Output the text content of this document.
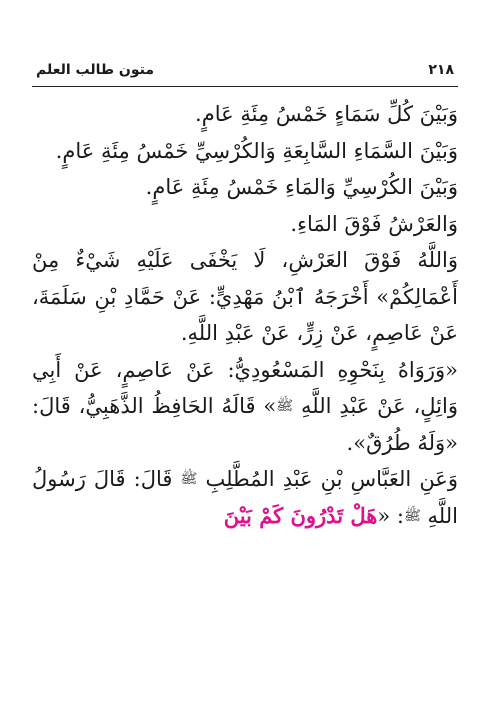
٢١٨
متون طالب العلم

وَبَيْنَ كُلِّ سَمَاءٍ خَمْسُ مِئَةِ عَامٍ.

وَبَيْنَ السَّمَاءِ السَّابِعَةِ وَالكُرْسِيِّ خَمْسُ مِئَةِ عَامٍ.

وَبَيْنَ الكُرْسِيِّ وَالمَاءِ خَمْسُ مِئَةِ عَامٍ.

وَالعَرْشُ فَوْقَ المَاءِ.

وَاللَّهُ فَوْقَ العَرْشِ، لَا يَخْفَى عَلَيْهِ شَيْءٌ مِنْ أَعْمَالِكُمْ» أَخْرَجَهُ ٱبْنُ مَهْدِيٍّ: عَنْ حَمَّادِ بْنِ سَلَمَةَ، عَنْ عَاصِمٍ، عَنْ زِرٍّ، عَنْ عَبْدِ اللَّهِ.

«وَرَوَاهُ بِنَحْوِهِ المَسْعُودِيُّ: عَنْ عَاصِمٍ، عَنْ أَبِي وَائِلٍ، عَنْ عَبْدِ اللَّهِ ﷺ» قَالَهُ الحَافِظُ الذَّهَبِيُّ، قَالَ: «وَلَهُ طُرُقٌ».

وَعَنِ العَبَّاسِ بْنِ عَبْدِ المُطَّلِبِ ﷺ قَالَ: قَالَ رَسُولُ اللَّهِ ﷺ: «هَلْ تَدْرُونَ كَمْ بَيْنَ
